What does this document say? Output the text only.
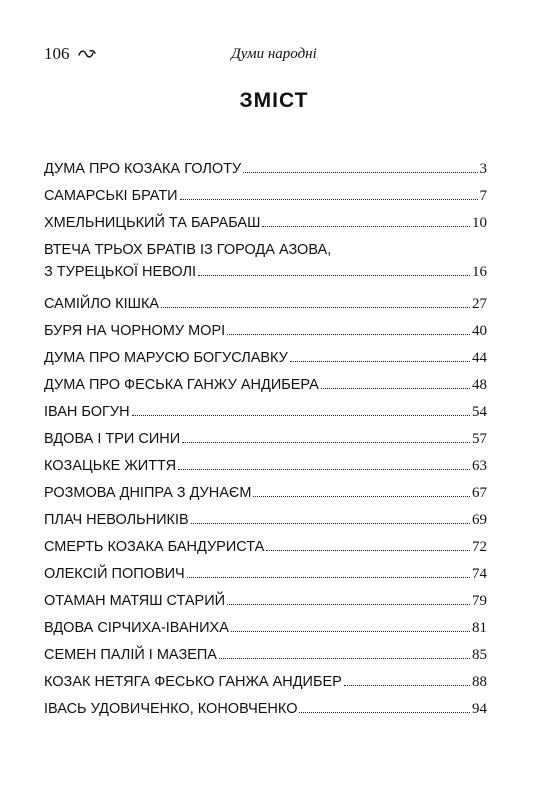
106	Думи народні
ЗМІСТ
ДУМА ПРО КОЗАКА ГОЛОТУ	3
САМАРСЬКІ БРАТИ	7
ХМЕЛЬНИЦЬКИЙ ТА БАРАБАШ	10
ВТЕЧА ТРЬОХ БРАТІВ ІЗ ГОРОДА АЗОВА,
З ТУРЕЦЬКОЇ НЕВОЛІ	16
САМІЙЛО КІШКА	27
БУРЯ НА ЧОРНОМУ МОРІ	40
ДУМА ПРО МАРУСЮ БОГУСЛАВКУ	44
ДУМА ПРО ФЕСЬКА ГАНЖУ АНДИБЕРА	48
ІВАН БОГУН	54
ВДОВА І ТРИ СИНИ	57
КОЗАЦЬКЕ ЖИТТЯ	63
РОЗМОВА ДНІПРА З ДУНАЄМ	67
ПЛАЧ НЕВОЛЬНИКІВ	69
СМЕРТЬ КОЗАКА БАНДУРИСТА	72
ОЛЕКСІЙ ПОПОВИЧ	74
ОТАМАН МАТЯШ СТАРИЙ	79
ВДОВА СІРЧИХА-ІВАНИХА	81
СЕМЕН ПАЛІЙ І МАЗЕПА	85
КОЗАК НЕТЯГА ФЕСЬКО ГАНЖА АНДИБЕР	88
ІВАСЬ УДОВИЧЕНКО, КОНОВЧЕНКО	94
